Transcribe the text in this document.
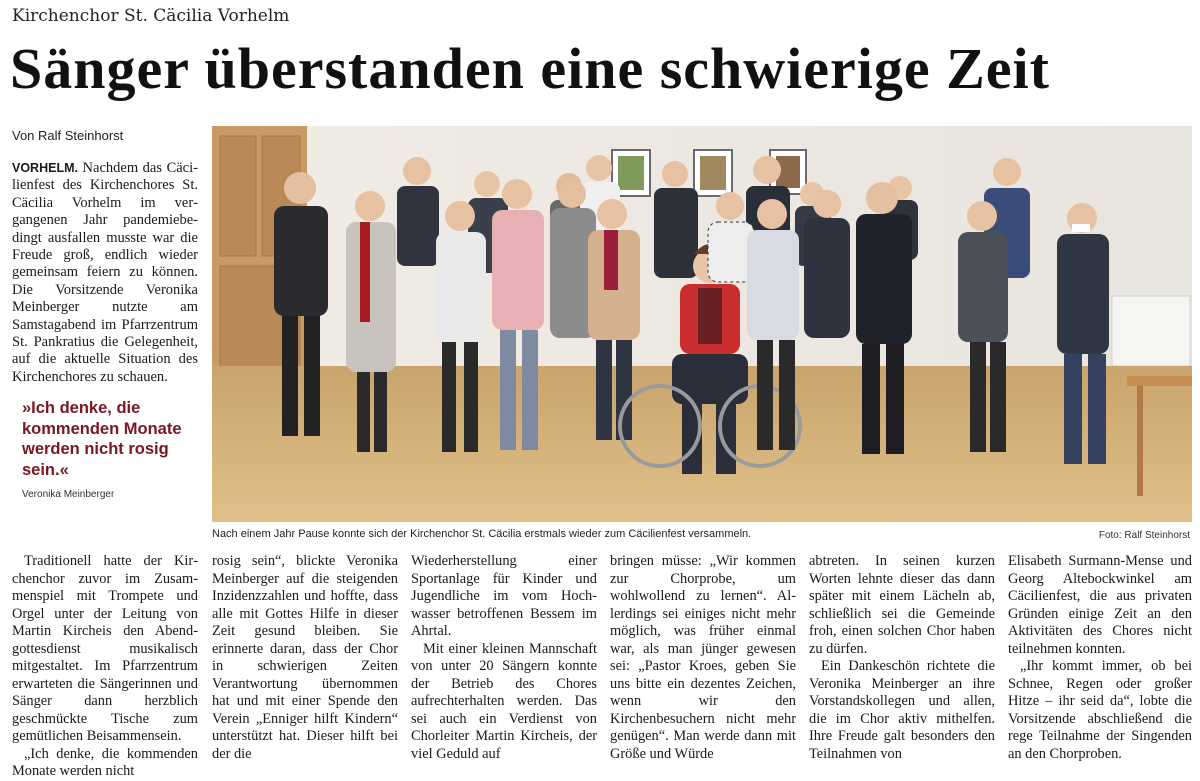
Kirchenchor St. Cäcilia Vorhelm
Sänger überstanden eine schwierige Zeit
Von Ralf Steinhorst
VORHELM. Nachdem das Cäcilienfest des Kirchenchores St. Cäcilia Vorhelm im vergangenen Jahr pandemiebedingt ausfallen musste war die Freude groß, endlich wieder gemeinsam feiern zu können. Die Vorsitzende Veronika Meinberger nutzte am Samstagabend im Pfarrzentrum St. Pankratius die Gelegenheit, auf die aktuelle Situation des Kirchenchores zu schauen.
»Ich denke, die kommenden Monate werden nicht rosig sein.«
Veronika Meinberger
Nach einem Jahr Pause konnte sich der Kirchenchor St. Cäcilia erstmals wieder zum Cäcilienfest versammeln.	Foto: Ralf Steinhorst

Traditionell hatte der Kirchenchor zuvor im Zusammenspiel mit Trompete und Orgel unter der Leitung von Martin Kircheis den Abendgottesdienst musikalisch mitgestaltet. Im Pfarrzentrum erwarteten die Sängerinnen und Sänger dann herzblich geschmückte Tische zum gemütlichen Beisammensein.

„Ich denke, die kommenden Monate werden nicht

rosig sein“, blickte Veronika Meinberger auf die steigenden Inzidenzzahlen und hoffte, dass alle mit Gottes Hilfe in dieser Zeit gesund bleiben. Sie erinnerte daran, dass der Chor in schwierigen Zeiten Verantwortung übernommen hat und mit einer Spende den Verein „Enniger hilft Kindern“ unterstützt hat. Dieser hilft bei der die

Wiederherstellung einer Sportanlage für Kinder und Jugendliche im vom Hochwasser betroffenen Bessem im Ahrtal.

Mit einer kleinen Mannschaft von unter 20 Sängern konnte der Betrieb des Chores aufrechterhalten werden. Das sei auch ein Verdienst von Chorleiter Martin Kircheis, der viel Geduld auf

bringen müsse: „Wir kommen zur Chorprobe, um wohlwollend zu lernen“. Allerdings sei einiges nicht mehr möglich, was früher einmal war, als man jünger gewesen sei: „Pastor Kroes, geben Sie uns bitte ein dezentes Zeichen, wenn wir den Kirchenbesuchern nicht mehr genügen“. Man werde dann mit Größe und Würde

abtreten. In seinen kurzen Worten lehnte dieser das dann später mit einem Lächeln ab, schließlich sei die Gemeinde froh, einen solchen Chor haben zu dürfen.

Ein Dankeschön richtete die Veronika Meinberger an ihre Vorstandskollegen und allen, die im Chor aktiv mithelfen. Ihre Freude galt besonders den Teilnahmen von

Elisabeth Surmann-Mense und Georg Altebockwinkel am Cäcilienfest, die aus privaten Gründen einige Zeit an den Aktivitäten des Chores nicht teilnehmen konnten.

„Ihr kommt immer, ob bei Schnee, Regen oder großer Hitze – ihr seid da“, lobte die Vorsitzende abschließend die rege Teilnahme der Singenden an den Chorproben.
